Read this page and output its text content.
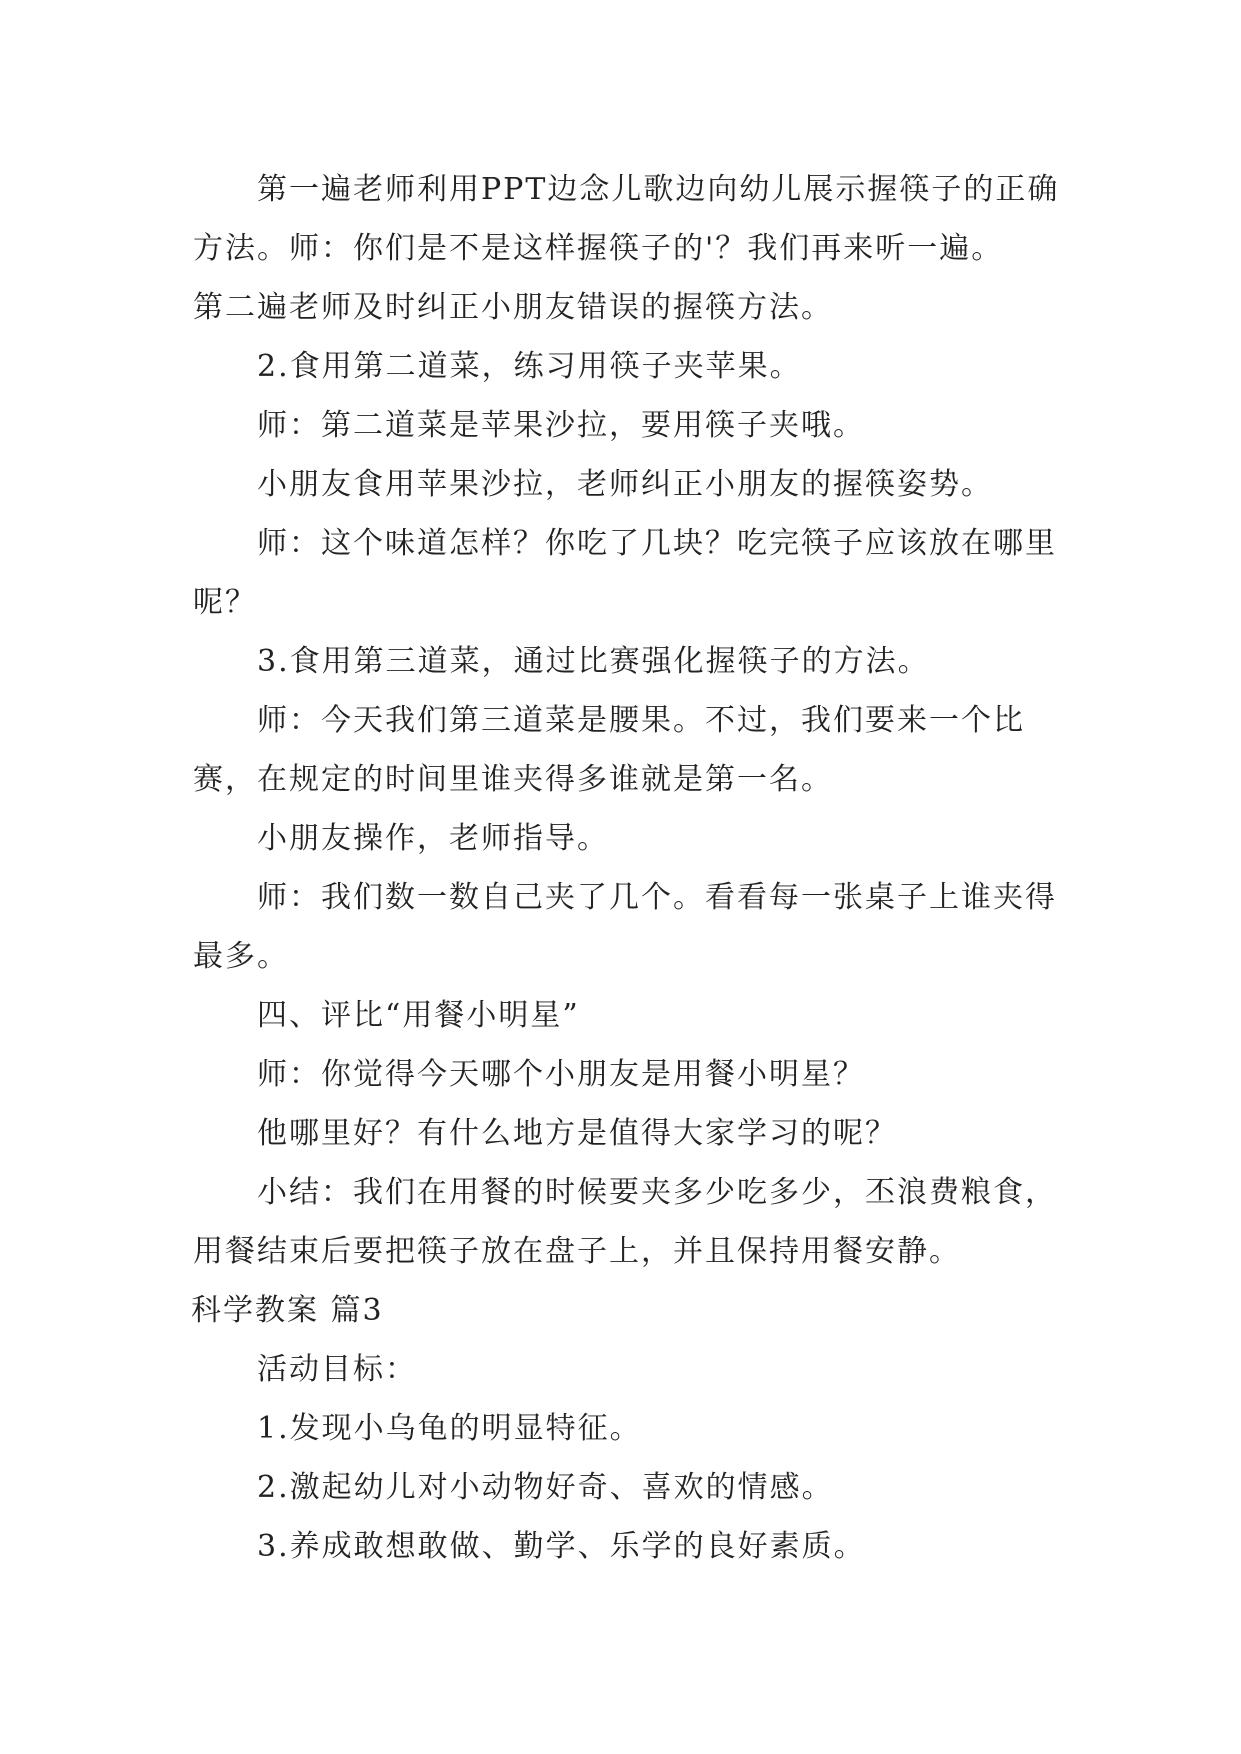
第一遍老师利用PPT边念儿歌边向幼儿展示握筷子的正确方法。师：你们是不是这样握筷子的'？我们再来听一遍。

第二遍老师及时纠正小朋友错误的握筷方法。

2.食用第二道菜，练习用筷子夹苹果。

师：第二道菜是苹果沙拉，要用筷子夹哦。

小朋友食用苹果沙拉，老师纠正小朋友的握筷姿势。

师：这个味道怎样？你吃了几块？吃完筷子应该放在哪里呢？

3.食用第三道菜，通过比赛强化握筷子的方法。

师：今天我们第三道菜是腰果。不过，我们要来一个比赛，在规定的时间里谁夹得多谁就是第一名。

小朋友操作，老师指导。

师：我们数一数自己夹了几个。看看每一张桌子上谁夹得最多。

四、评比“用餐小明星”

师：你觉得今天哪个小朋友是用餐小明星？

他哪里好？有什么地方是值得大家学习的呢？

小结：我们在用餐的时候要夹多少吃多少，丕浪费粮食，用餐结束后要把筷子放在盘子上，并且保持用餐安静。

科学教案 篇3

活动目标：

1.发现小乌龟的明显特征。

2.激起幼儿对小动物好奇、喜欢的情感。

3.养成敢想敢做、勤学、乐学的良好素质。
